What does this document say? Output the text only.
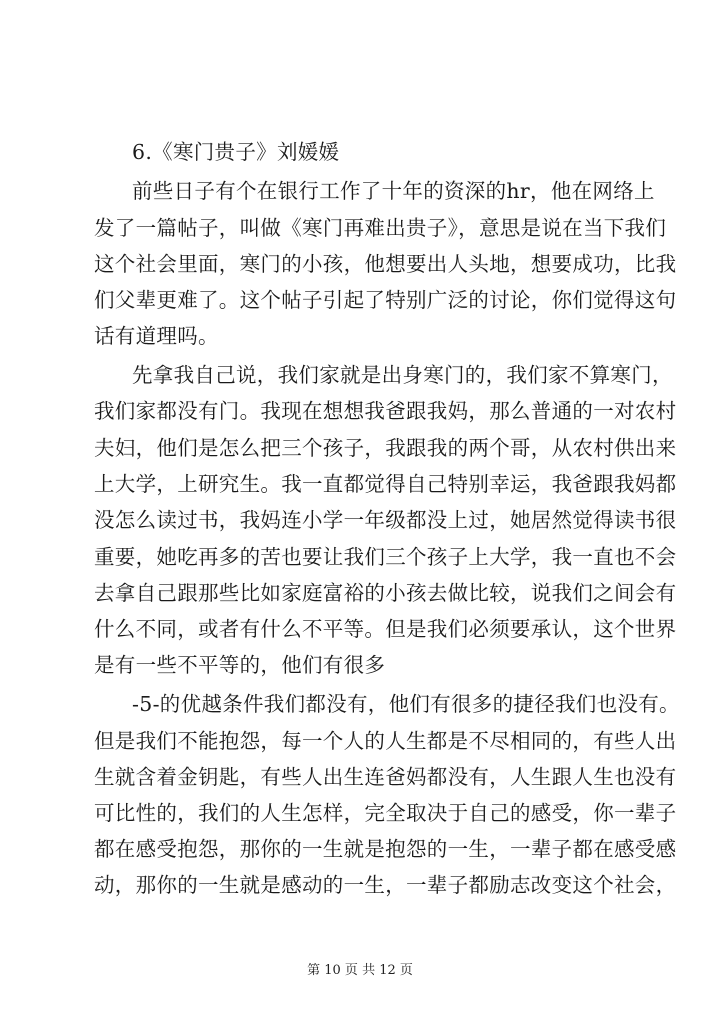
6.《寒门贵子》刘媛媛
前些日子有个在银行工作了十年的资深的hr，他在网络上
发了一篇帖子，叫做《寒门再难出贵子》，意思是说在当下我们
这个社会里面，寒门的小孩，他想要出人头地，想要成功，比我
们父辈更难了。这个帖子引起了特别广泛的讨论，你们觉得这句
话有道理吗。
先拿我自己说，我们家就是出身寒门的，我们家不算寒门，
我们家都没有门。我现在想想我爸跟我妈，那么普通的一对农村
夫妇，他们是怎么把三个孩子，我跟我的两个哥，从农村供出来
上大学，上研究生。我一直都觉得自己特别幸运，我爸跟我妈都
没怎么读过书，我妈连小学一年级都没上过，她居然觉得读书很
重要，她吃再多的苦也要让我们三个孩子上大学，我一直也不会
去拿自己跟那些比如家庭富裕的小孩去做比较，说我们之间会有
什么不同，或者有什么不平等。但是我们必须要承认，这个世界
是有一些不平等的，他们有很多
-5-的优越条件我们都没有，他们有很多的捷径我们也没有。
但是我们不能抱怨，每一个人的人生都是不尽相同的，有些人出
生就含着金钥匙，有些人出生连爸妈都没有，人生跟人生也没有
可比性的，我们的人生怎样，完全取决于自己的感受，你一辈子
都在感受抱怨，那你的一生就是抱怨的一生，一辈子都在感受感
动，那你的一生就是感动的一生，一辈子都励志改变这个社会，
第 10 页 共 12 页
